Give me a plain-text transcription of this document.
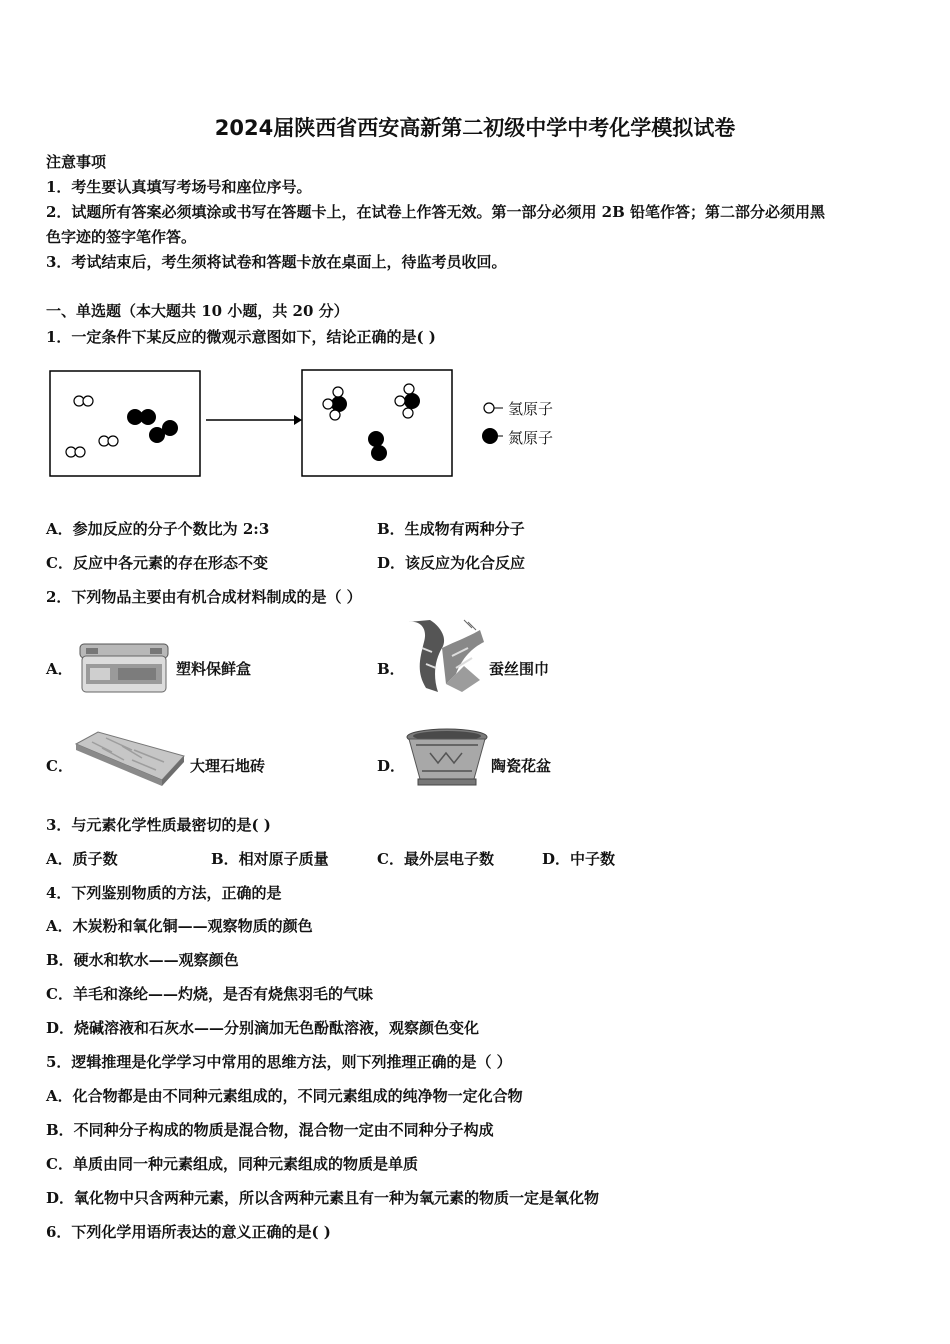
2024届陕西省西安高新第二初级中学中考化学模拟试卷
注意事项
1．考生要认真填写考场号和座位序号。
2．试题所有答案必须填涂或书写在答题卡上，在试卷上作答无效。第一部分必须用 2B 铅笔作答；第二部分必须用黑
色字迹的签字笔作答。
3．考试结束后，考生须将试卷和答题卡放在桌面上，待监考员收回。
一、单选题（本大题共 10 小题，共 20 分）
1．一定条件下某反应的微观示意图如下，结论正确的是( )
氢原子
氮原子
A．参加反应的分子个数比为 2:3	B．生成物有两种分子
C．反应中各元素的存在形态不变	D．该反应为化合反应
2．下列物品主要由有机合成材料制成的是（ ）
A．	塑料保鲜盒	B．	蚕丝围巾
C．	大理石地砖	D．	陶瓷花盆
3．与元素化学性质最密切的是( )
A．质子数	B．相对原子质量	C．最外层电子数	D．中子数
4．下列鉴别物质的方法，正确的是
A．木炭粉和氧化铜——观察物质的颜色
B．硬水和软水——观察颜色
C．羊毛和涤纶——灼烧，是否有烧焦羽毛的气味
D．烧碱溶液和石灰水——分别滴加无色酚酞溶液，观察颜色变化
5．逻辑推理是化学学习中常用的思维方法，则下列推理正确的是（ ）
A．化合物都是由不同种元素组成的，不同元素组成的纯净物一定化合物
B．不同种分子构成的物质是混合物，混合物一定由不同种分子构成
C．单质由同一种元素组成，同种元素组成的物质是单质
D．氧化物中只含两种元素，所以含两种元素且有一种为氧元素的物质一定是氧化物
6．下列化学用语所表达的意义正确的是( )
